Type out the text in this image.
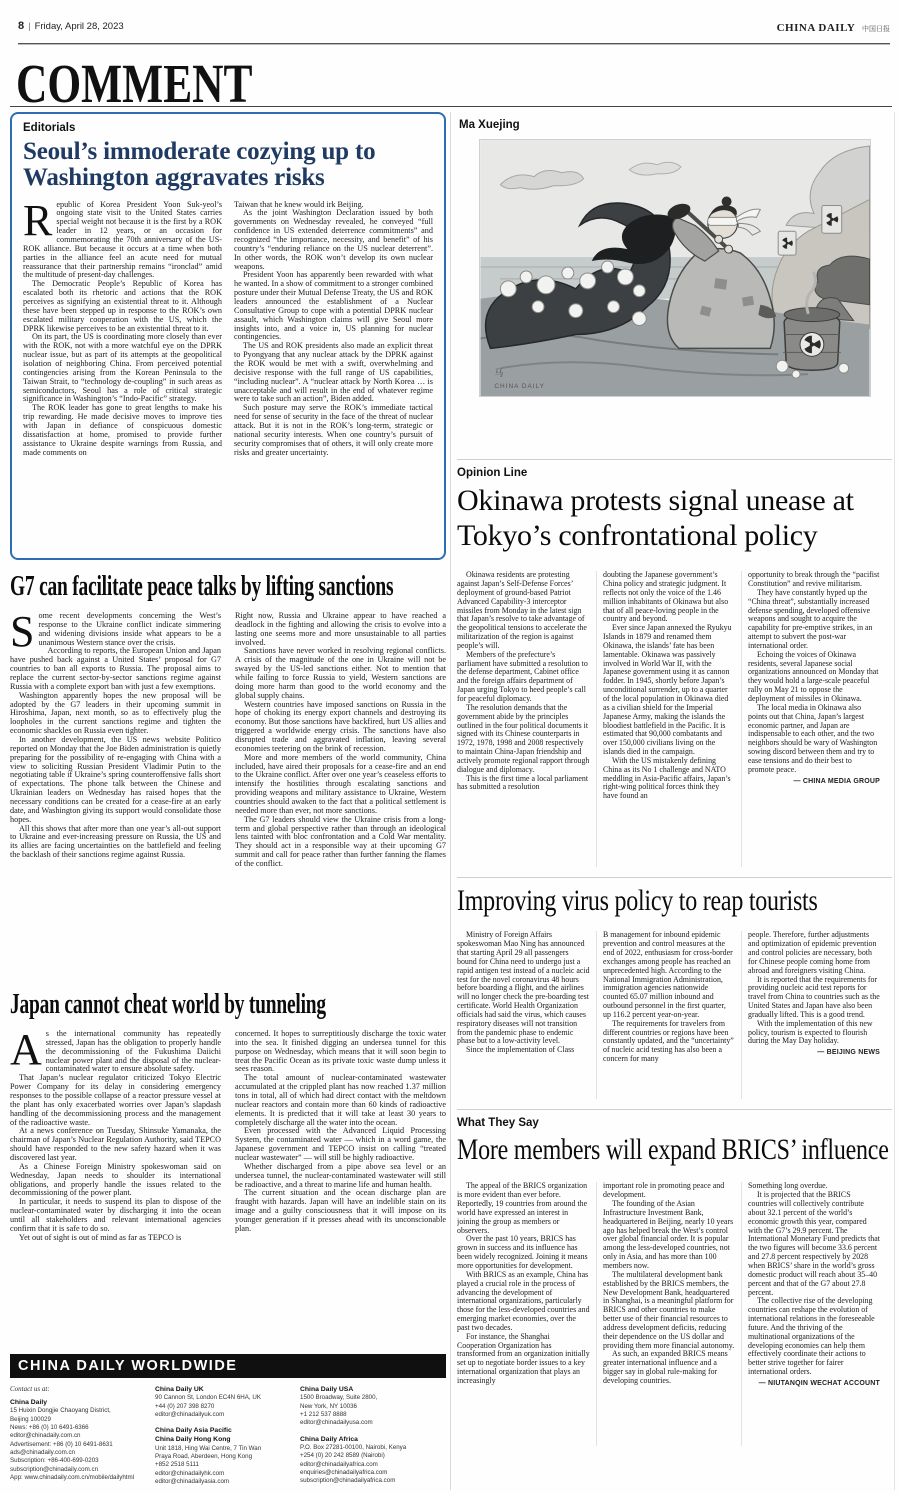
8 | Friday, April 28, 2023	CHINA DAILY 中国日报
COMMENT
Editorials
Seoul’s immoderate cozying up to Washington aggravates risks

Republic of Korea President Yoon Suk-yeol’s ongoing state visit to the United States carries special weight not because it is the first by a ROK leader in 12 years, or an occasion for commemorating the 70th anniversary of the US-ROK alliance. But because it occurs at a time when both parties in the alliance feel an acute need for mutual reassurance that their partnership remains “ironclad” amid the multitude of present-day challenges.

The Democratic People’s Republic of Korea has escalated both its rhetoric and actions that the ROK perceives as signifying an existential threat to it. Although these have been stepped up in response to the ROK’s own escalated military cooperation with the US, which the DPRK likewise perceives to be an existential threat to it.

On its part, the US is coordinating more closely than ever with the ROK, not with a more watchful eye on the DPRK nuclear issue, but as part of its attempts at the geopolitical isolation of neighboring China. From perceived potential contingencies arising from the Korean Peninsula to the Taiwan Strait, to “technology de-coupling” in such areas as semiconductors, Seoul has a role of critical strategic significance in Washington’s “Indo-Pacific” strategy.

The ROK leader has gone to great lengths to make his trip rewarding. He made decisive moves to improve ties with Japan in defiance of conspicuous domestic dissatisfaction at home, promised to provide further assistance to Ukraine despite warnings from Russia, and made comments on

Taiwan that he knew would irk Beijing.

As the joint Washington Declaration issued by both governments on Wednesday revealed, he conveyed “full confidence in US extended deterrence commitments” and recognized “the importance, necessity, and benefit” of his country’s “enduring reliance on the US nuclear deterrent”. In other words, the ROK won’t develop its own nuclear weapons.

President Yoon has apparently been rewarded with what he wanted. In a show of commitment to a stronger combined posture under their Mutual Defense Treaty, the US and ROK leaders announced the establishment of a Nuclear Consultative Group to cope with a potential DPRK nuclear assault, which Washington claims will give Seoul more insights into, and a voice in, US planning for nuclear contingencies.

The US and ROK presidents also made an explicit threat to Pyongyang that any nuclear attack by the DPRK against the ROK would be met with a swift, overwhelming and decisive response with the full range of US capabilities, “including nuclear”. A “nuclear attack by North Korea … is unacceptable and will result in the end of whatever regime were to take such an action”, Biden added.

Such posture may serve the ROK’s immediate tactical need for sense of security in the face of the threat of nuclear attack. But it is not in the ROK’s long-term, strategic or national security interests. When one country’s pursuit of security compromises that of others, it will only create more risks and greater uncertainty.

G7 can facilitate peace talks by lifting sanctions

Some recent developments concerning the West’s response to the Ukraine conflict indicate simmering and widening divisions inside what appears to be a unanimous Western stance over the crisis.

According to reports, the European Union and Japan have pushed back against a United States’ proposal for G7 countries to ban all exports to Russia. The proposal aims to replace the current sector-by-sector sanctions regime against Russia with a complete export ban with just a few exemptions.

Washington apparently hopes the new proposal will be adopted by the G7 leaders in their upcoming summit in Hiroshima, Japan, next month, so as to effectively plug the loopholes in the current sanctions regime and tighten the economic shackles on Russia even tighter.

In another development, the US news website Politico reported on Monday that the Joe Biden administration is quietly preparing for the possibility of re-engaging with China with a view to soliciting Russian President Vladimir Putin to the negotiating table if Ukraine’s spring counteroffensive falls short of expectations. The phone talk between the Chinese and Ukrainian leaders on Wednesday has raised hopes that the necessary conditions can be created for a cease-fire at an early date, and Washington giving its support would consolidate those hopes.

All this shows that after more than one year’s all-out support to Ukraine and ever-increasing pressure on Russia, the US and its allies are facing uncertainties on the battlefield and feeling the backlash of their sanctions regime against Russia.

Right now, Russia and Ukraine appear to have reached a deadlock in the fighting and allowing the crisis to evolve into a lasting one seems more and more unsustainable to all parties involved.

Sanctions have never worked in resolving regional conflicts. A crisis of the magnitude of the one in Ukraine will not be swayed by the US-led sanctions either. Not to mention that while failing to force Russia to yield, Western sanctions are doing more harm than good to the world economy and the global supply chains.

Western countries have imposed sanctions on Russia in the hope of choking its energy export channels and destroying its economy. But those sanctions have backfired, hurt US allies and triggered a worldwide energy crisis. The sanctions have also disrupted trade and aggravated inflation, leaving several economies teetering on the brink of recession.

More and more members of the world community, China included, have aired their proposals for a cease-fire and an end to the Ukraine conflict. After over one year’s ceaseless efforts to intensify the hostilities through escalating sanctions and providing weapons and military assistance to Ukraine, Western countries should awaken to the fact that a political settlement is needed more than ever, not more sanctions.

The G7 leaders should view the Ukraine crisis from a long-term and global perspective rather than through an ideological lens tainted with bloc confrontation and a Cold War mentality. They should act in a responsible way at their upcoming G7 summit and call for peace rather than further fanning the flames of the conflict.

Japan cannot cheat world by tunneling

As the international community has repeatedly stressed, Japan has the obligation to properly handle the decommissioning of the Fukushima Daiichi nuclear power plant and the disposal of the nuclear-contaminated water to ensure absolute safety.

That Japan’s nuclear regulator criticized Tokyo Electric Power Company for its delay in considering emergency responses to the possible collapse of a reactor pressure vessel at the plant has only exacerbated worries over Japan’s slapdash handling of the decommissioning process and the management of the radioactive waste.

At a news conference on Tuesday, Shinsuke Yamanaka, the chairman of Japan’s Nuclear Regulation Authority, said TEPCO should have responded to the new safety hazard when it was discovered last year.

As a Chinese Foreign Ministry spokeswoman said on Wednesday, Japan needs to shoulder its international obligations, and properly handle the issues related to the decommissioning of the power plant.

In particular, it needs to suspend its plan to dispose of the nuclear-contaminated water by discharging it into the ocean until all stakeholders and relevant international agencies confirm that it is safe to do so.

Yet out of sight is out of mind as far as TEPCO is

concerned. It hopes to surreptitiously discharge the toxic water into the sea. It finished digging an undersea tunnel for this purpose on Wednesday, which means that it will soon begin to treat the Pacific Ocean as its private toxic waste dump unless it sees reason.

The total amount of nuclear-contaminated wastewater accumulated at the crippled plant has now reached 1.37 million tons in total, all of which had direct contact with the meltdown nuclear reactors and contain more than 60 kinds of radioactive elements. It is predicted that it will take at least 30 years to completely discharge all the water into the ocean.

Even processed with the Advanced Liquid Processing System, the contaminated water — which in a word game, the Japanese government and TEPCO insist on calling “treated nuclear wastewater” — will still be highly radioactive.

Whether discharged from a pipe above sea level or an undersea tunnel, the nuclear-contaminated wastewater will still be radioactive, and a threat to marine life and human health.

The current situation and the ocean discharge plan are fraught with hazards. Japan will have an indelible stain on its image and a guilty consciousness that it will impose on its younger generation if it presses ahead with its unconscionable plan.

CHINA DAILY WORLDWIDE
Contact us at:
China Daily
15 Huixin Dongjie Chaoyang District,
Beijing 100029
News: +86 (0) 10 6491-6366
editor@chinadaily.com.cn
Advertisement: +86 (0) 10 6491-8631
ads@chinadaily.com.cn
Subscription: +86-400-699-0203
subscription@chinadaily.com.cn
App: www.chinadaily.com.cn/mobile/dailyhtml
China Daily UK
90 Cannon St, London EC4N 6HA, UK
+44 (0) 207 398 8270
editor@chinadailyuk.com
China Daily Asia Pacific
China Daily Hong Kong
Unit 1818, Hing Wai Centre, 7 Tin Wan
Praya Road, Aberdeen, Hong Kong
+852 2518 5111
editor@chinadailyhk.com
editor@chinadailyasia.com
China Daily USA
1500 Broadway, Suite 2800,
New York, NY 10036
+1 212 537 8888
editor@chinadailyusa.com
China Daily Africa
P.O. Box 27281-00100, Nairobi, Kenya
+254 (0) 20 242 8589 (Nairobi)
editor@chinadailyafrica.com
enquiries@chinadailyafrica.com
subscription@chinadailyafrica.com
Ma Xuejing
马
CHINA DAILY
Opinion Line
Okinawa protests signal unease at Tokyo’s confrontational policy

Okinawa residents are protesting against Japan’s Self-Defense Forces’ deployment of ground-based Patriot Advanced Capability-3 interceptor missiles from Monday in the latest sign that Japan’s resolve to take advantage of the geopolitical tensions to accelerate the militarization of the region is against people’s will.

Members of the prefecture’s parliament have submitted a resolution to the defense department, Cabinet office and the foreign affairs department of Japan urging Tokyo to heed people’s call for peaceful diplomacy.

The resolution demands that the government abide by the principles outlined in the four political documents it signed with its Chinese counterparts in 1972, 1978, 1998 and 2008 respectively to maintain China-Japan friendship and actively promote regional rapport through dialogue and diplomacy.

This is the first time a local parliament has submitted a resolution

doubting the Japanese government’s China policy and strategic judgment. It reflects not only the voice of the 1.46 million inhabitants of Okinawa but also that of all peace-loving people in the country and beyond.

Ever since Japan annexed the Ryukyu Islands in 1879 and renamed them Okinawa, the islands’ fate has been lamentable. Okinawa was passively involved in World War II, with the Japanese government using it as cannon fodder. In 1945, shortly before Japan’s unconditional surrender, up to a quarter of the local population in Okinawa died as a civilian shield for the Imperial Japanese Army, making the islands the bloodiest battlefield in the Pacific. It is estimated that 90,000 combatants and over 150,000 civilians living on the islands died in the campaign.

With the US mistakenly defining China as its No 1 challenge and NATO meddling in Asia-Pacific affairs, Japan’s right-wing political forces think they have found an

opportunity to break through the “pacifist Constitution” and revive militarism.

They have constantly hyped up the “China threat”, substantially increased defense spending, developed offensive weapons and sought to acquire the capability for pre-emptive strikes, in an attempt to subvert the post-war international order.

Echoing the voices of Okinawa residents, several Japanese social organizations announced on Monday that they would hold a large-scale peaceful rally on May 21 to oppose the deployment of missiles in Okinawa.

The local media in Okinawa also points out that China, Japan’s largest economic partner, and Japan are indispensable to each other, and the two neighbors should be wary of Washington sowing discord between them and try to ease tensions and do their best to promote peace.

— CHINA MEDIA GROUP
Improving virus policy to reap tourists

Ministry of Foreign Affairs spokeswoman Mao Ning has announced that starting April 29 all passengers bound for China need to undergo just a rapid antigen test instead of a nucleic acid test for the novel coronavirus 48 hours before boarding a flight, and the airlines will no longer check the pre-boarding test certificate. World Health Organization officials had said the virus, which causes respiratory diseases will not transition from the pandemic phase to endemic phase but to a low-activity level.

Since the implementation of Class

B management for inbound epidemic prevention and control measures at the end of 2022, enthusiasm for cross-border exchanges among people has reached an unprecedented high. According to the National Immigration Administration, immigration agencies nationwide counted 65.07 million inbound and outbound personnel in the first quarter, up 116.2 percent year-on-year.

The requirements for travelers from different countries or regions have been constantly updated, and the “uncertainty” of nucleic acid testing has also been a concern for many

people. Therefore, further adjustments and optimization of epidemic prevention and control policies are necessary, both for Chinese people coming home from abroad and foreigners visiting China.

It is reported that the requirements for providing nucleic acid test reports for travel from China to countries such as the United States and Japan have also been gradually lifted. This is a good trend.

With the implementation of this new policy, tourism is expected to flourish during the May Day holiday.

— BEIJING NEWS
What They Say
More members will expand BRICS’ influence

The appeal of the BRICS organization is more evident than ever before. Reportedly, 19 countries from around the world have expressed an interest in joining the group as members or observers.

Over the past 10 years, BRICS has grown in success and its influence has been widely recognized. Joining it means more opportunities for development.

With BRICS as an example, China has played a crucial role in the process of advancing the development of international organizations, particularly those for the less-developed countries and emerging market economies, over the past two decades.

For instance, the Shanghai Cooperation Organization has transformed from an organization initially set up to negotiate border issues to a key international organization that plays an increasingly

important role in promoting peace and development.

The founding of the Asian Infrastructure Investment Bank, headquartered in Beijing, nearly 10 years ago has helped break the West’s control over global financial order. It is popular among the less-developed countries, not only in Asia, and has more than 100 members now.

The multilateral development bank established by the BRICS members, the New Development Bank, headquartered in Shanghai, is a meaningful platform for BRICS and other countries to make better use of their financial resources to address development deficits, reducing their dependence on the US dollar and providing them more financial autonomy.

As such, an expanded BRICS means greater international influence and a bigger say in global rule-making for developing countries.

Something long overdue.

It is projected that the BRICS countries will collectively contribute about 32.1 percent of the world’s economic growth this year, compared with the G7’s 29.9 percent. The International Monetary Fund predicts that the two figures will become 33.6 percent and 27.8 percent respectively by 2028 when BRICS’ share in the world’s gross domestic product will reach about 35–40 percent and that of the G7 about 27.8 percent.

The collective rise of the developing countries can reshape the evolution of international relations in the foreseeable future. And the thriving of the multinational organizations of the developing economies can help them effectively coordinate their actions to better strive together for fairer international orders.

— NIUTANQIN WECHAT ACCOUNT
